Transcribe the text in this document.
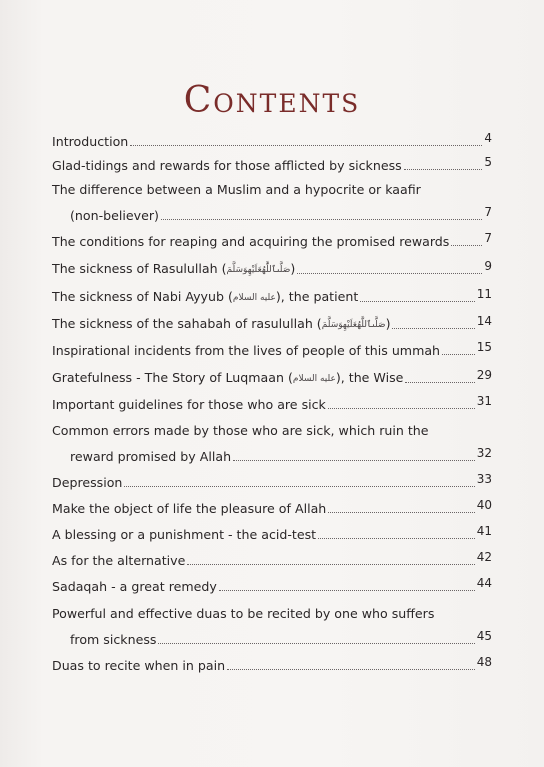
Contents
Introduction	4
Glad-tidings and rewards for those afflicted by sickness	5
The difference between a Muslim and a hypocrite or kaafir
(non-believer)	7
The conditions for reaping and acquiring the promised rewards	7
The sickness of Rasulullah (صَلَّىٱللَّٰهُعَلَيْهِوَسَلَّمَ)	9
The sickness of Nabi Ayyub (عليه السلام), the patient	11
The sickness of the sahabah of rasulullah (صَلَّىٱللَّٰهُعَلَيْهِوَسَلَّمَ)	14
Inspirational incidents from the lives of people of this ummah	15
Gratefulness - The Story of Luqmaan (عليه السلام), the Wise	29
Important guidelines for those who are sick	31
Common errors made by those who are sick, which ruin the
reward promised by Allah	32
Depression	33
Make the object of life the pleasure of Allah	40
A blessing or a punishment - the acid-test	41
As for the alternative	42
Sadaqah - a great remedy	44
Powerful and effective duas to be recited by one who suffers
from sickness	45
Duas to recite when in pain	48
